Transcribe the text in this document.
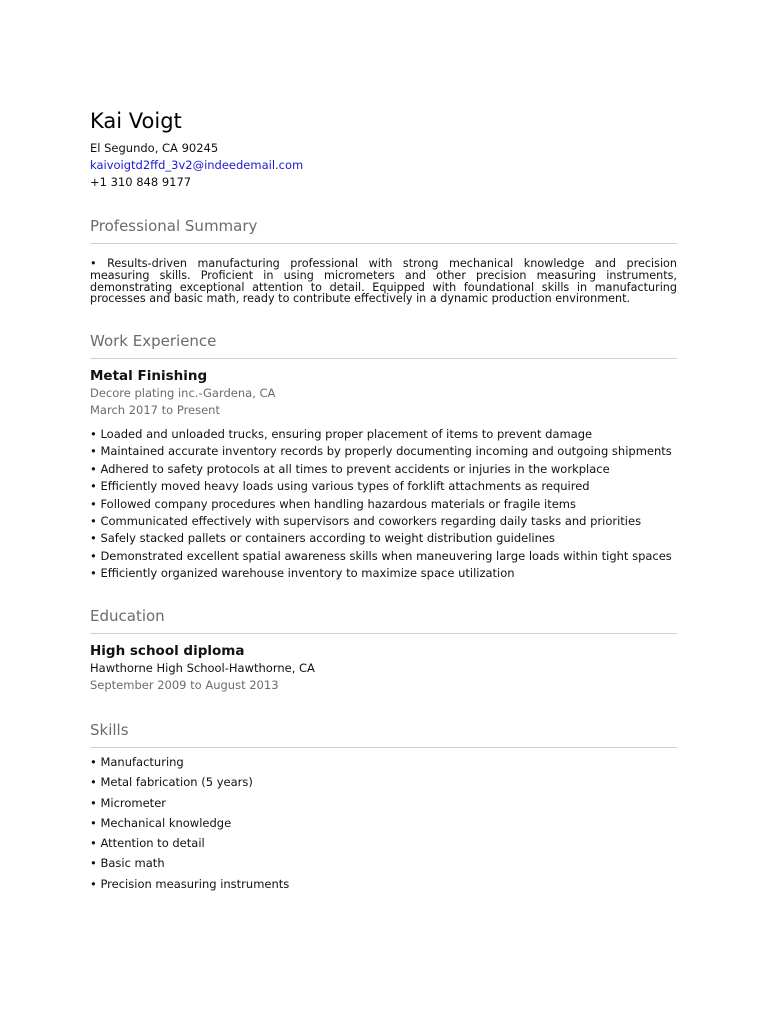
Kai Voigt
El Segundo, CA 90245
kaivoigtd2ffd_3v2@indeedemail.com
+1 310 848 9177
Professional Summary

• Results-driven manufacturing professional with strong mechanical knowledge and precision measuring skills. Proficient in using micrometers and other precision measuring instruments, demonstrating exceptional attention to detail. Equipped with foundational skills in manufacturing processes and basic math, ready to contribute effectively in a dynamic production environment.

Work Experience
Metal Finishing
Decore plating inc.-Gardena, CA
March 2017 to Present
• Loaded and unloaded trucks, ensuring proper placement of items to prevent damage
• Maintained accurate inventory records by properly documenting incoming and outgoing shipments
• Adhered to safety protocols at all times to prevent accidents or injuries in the workplace
• Efficiently moved heavy loads using various types of forklift attachments as required
• Followed company procedures when handling hazardous materials or fragile items
• Communicated effectively with supervisors and coworkers regarding daily tasks and priorities
• Safely stacked pallets or containers according to weight distribution guidelines
• Demonstrated excellent spatial awareness skills when maneuvering large loads within tight spaces
• Efficiently organized warehouse inventory to maximize space utilization
Education
High school diploma
Hawthorne High School-Hawthorne, CA
September 2009 to August 2013
Skills
• Manufacturing
• Metal fabrication (5 years)
• Micrometer
• Mechanical knowledge
• Attention to detail
• Basic math
• Precision measuring instruments
